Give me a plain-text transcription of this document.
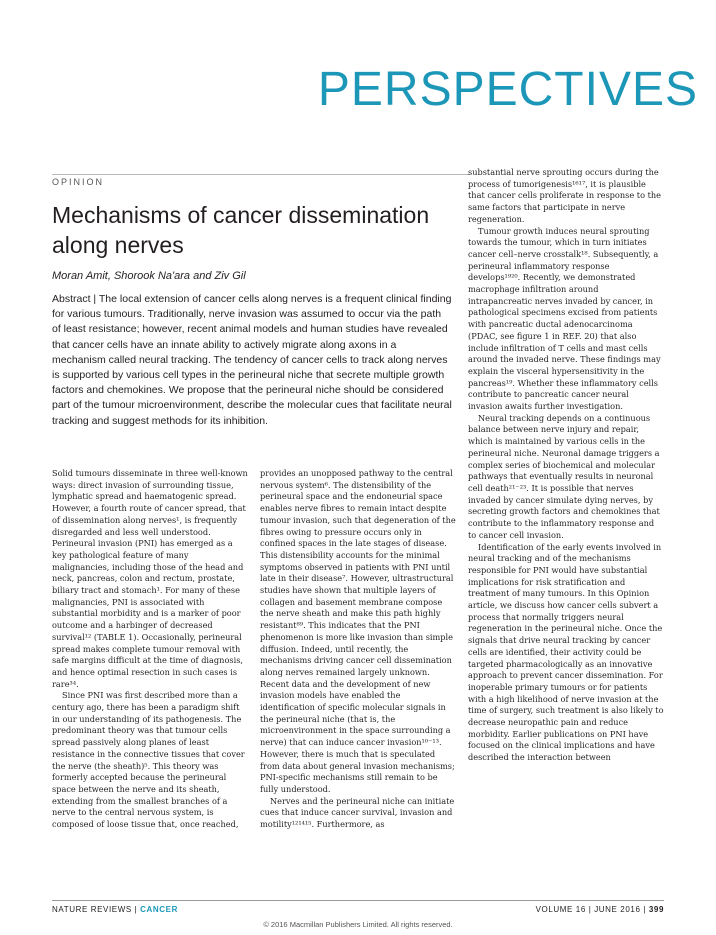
PERSPECTIVES
OPINION
Mechanisms of cancer dissemination along nerves
Moran Amit, Shorook Na'ara and Ziv Gil
Abstract | The local extension of cancer cells along nerves is a frequent clinical finding for various tumours. Traditionally, nerve invasion was assumed to occur via the path of least resistance; however, recent animal models and human studies have revealed that cancer cells have an innate ability to actively migrate along axons in a mechanism called neural tracking. The tendency of cancer cells to track along nerves is supported by various cell types in the perineural niche that secrete multiple growth factors and chemokines. We propose that the perineural niche should be considered part of the tumour microenvironment, describe the molecular cues that facilitate neural tracking and suggest methods for its inhibition.

Solid tumours disseminate in three well-known ways: direct invasion of surrounding tissue, lymphatic spread and haematogenic spread. However, a fourth route of cancer spread, that of dissemination along nerves¹, is frequently disregarded and less well understood. Perineural invasion (PNI) has emerged as a key pathological feature of many malignancies, including those of the head and neck, pancreas, colon and rectum, prostate, biliary tract and stomach¹. For many of these malignancies, PNI is associated with substantial morbidity and is a marker of poor outcome and a harbinger of decreased survival¹² (TABLE 1). Occasionally, perineural spread makes complete tumour removal with safe margins difficult at the time of diagnosis, and hence optimal resection in such cases is rare³⁴.

Since PNI was first described more than a century ago, there has been a paradigm shift in our understanding of its pathogenesis. The predominant theory was that tumour cells spread passively along planes of least resistance in the connective tissues that cover the nerve (the sheath)⁵. This theory was formerly accepted because the perineural space between the nerve and its sheath, extending from the smallest branches of a nerve to the central nervous system, is composed of loose tissue that, once reached,

provides an unopposed pathway to the central nervous system⁶. The distensibility of the perineural space and the endoneurial space enables nerve fibres to remain intact despite tumour invasion, such that degeneration of the fibres owing to pressure occurs only in confined spaces in the late stages of disease. This distensibility accounts for the minimal symptoms observed in patients with PNI until late in their disease⁷. However, ultrastructural studies have shown that multiple layers of collagen and basement membrane compose the nerve sheath and make this path highly resistant⁸⁹. This indicates that the PNI phenomenon is more like invasion than simple diffusion. Indeed, until recently, the mechanisms driving cancer cell dissemination along nerves remained largely unknown. Recent data and the development of new invasion models have enabled the identification of specific molecular signals in the perineural niche (that is, the microenvironment in the space surrounding a nerve) that can induce cancer invasion¹⁰⁻¹³. However, there is much that is speculated from data about general invasion mechanisms; PNI-specific mechanisms still remain to be fully understood.

Nerves and the perineural niche can initiate cues that induce cancer survival, invasion and motility¹²¹⁴¹⁵. Furthermore, as

substantial nerve sprouting occurs during the process of tumorigenesis¹⁶¹⁷, it is plausible that cancer cells proliferate in response to the same factors that participate in nerve regeneration.

Tumour growth induces neural sprouting towards the tumour, which in turn initiates cancer cell–nerve crosstalk¹⁸. Subsequently, a perineural inflammatory response develops¹⁹²⁰. Recently, we demonstrated macrophage infiltration around intrapancreatic nerves invaded by cancer, in pathological specimens excised from patients with pancreatic ductal adenocarcinoma (PDAC, see figure 1 in REF. 20) that also include infiltration of T cells and mast cells around the invaded nerve. These findings may explain the visceral hypersensitivity in the pancreas¹⁹. Whether these inflammatory cells contribute to pancreatic cancer neural invasion awaits further investigation.

Neural tracking depends on a continuous balance between nerve injury and repair, which is maintained by various cells in the perineural niche. Neuronal damage triggers a complex series of biochemical and molecular pathways that eventually results in neuronal cell death²¹⁻²³. It is possible that nerves invaded by cancer simulate dying nerves, by secreting growth factors and chemokines that contribute to the inflammatory response and to cancer cell invasion.

Identification of the early events involved in neural tracking and of the mechanisms responsible for PNI would have substantial implications for risk stratification and treatment of many tumours. In this Opinion article, we discuss how cancer cells subvert a process that normally triggers neural regeneration in the perineural niche. Once the signals that drive neural tracking by cancer cells are identified, their activity could be targeted pharmacologically as an innovative approach to prevent cancer dissemination. For inoperable primary tumours or for patients with a high likelihood of nerve invasion at the time of surgery, such treatment is also likely to decrease neuropathic pain and reduce morbidity. Earlier publications on PNI have focused on the clinical implications and have described the interaction between

NATURE REVIEWS | CANCER	VOLUME 16 | JUNE 2016 | 399
© 2016 Macmillan Publishers Limited. All rights reserved.
